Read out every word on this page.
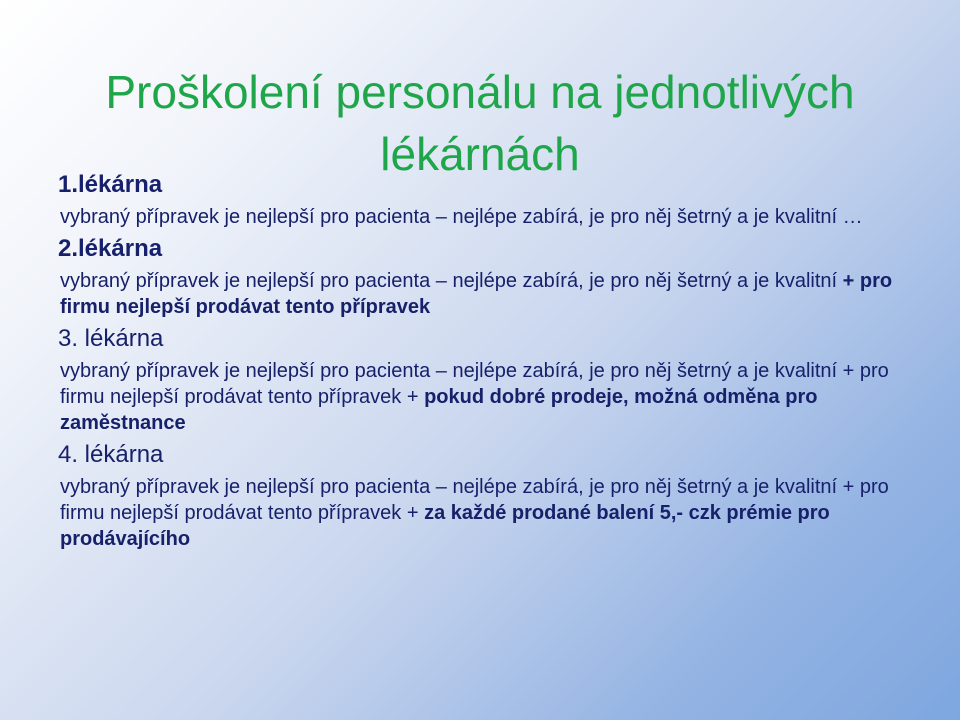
Proškolení personálu na jednotlivých
lékárnách
1.lékárna
vybraný přípravek je nejlepší pro pacienta – nejlépe zabírá, je pro něj šetrný a je kvalitní …
2.lékárna
vybraný přípravek je nejlepší pro pacienta – nejlépe zabírá, je pro něj šetrný a je kvalitní + pro firmu nejlepší prodávat tento přípravek
3. lékárna
vybraný přípravek je nejlepší pro pacienta – nejlépe zabírá, je pro něj šetrný a je kvalitní + pro firmu nejlepší prodávat tento přípravek + pokud dobré prodeje, možná odměna pro zaměstnance
4. lékárna
vybraný přípravek je nejlepší pro pacienta – nejlépe zabírá, je pro něj šetrný a je kvalitní + pro firmu nejlepší prodávat tento přípravek + za každé prodané balení 5,- czk prémie pro prodávajícího
